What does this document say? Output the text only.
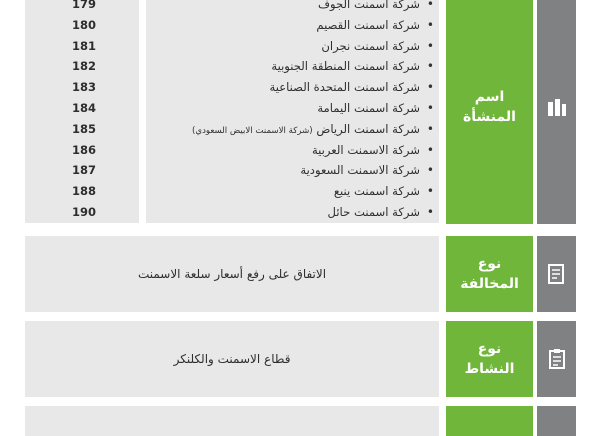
179
180
181
182
183
184
185
186
187
188
190
شركة اسمنت الجوف •
شركة اسمنت القصيم •
شركة اسمنت نجران •
شركة اسمنت المنطقة الجنوبية •
شركة اسمنت المتحدة الصناعية •
شركة اسمنت اليمامة •
شركة اسمنت الرياض (شركة الاسمنت الابيض السعودي) •
شركة الاسمنت العربية •
شركة الاسمنت السعودية •
شركة اسمنت ينبع •
شركة اسمنت حائل •
اسم
المنشأة
الاتفاق على رفع أسعار سلعة الاسمنت
نوع
المخالفة
قطاع الاسمنت والكلنكر
نوع
النشاط
